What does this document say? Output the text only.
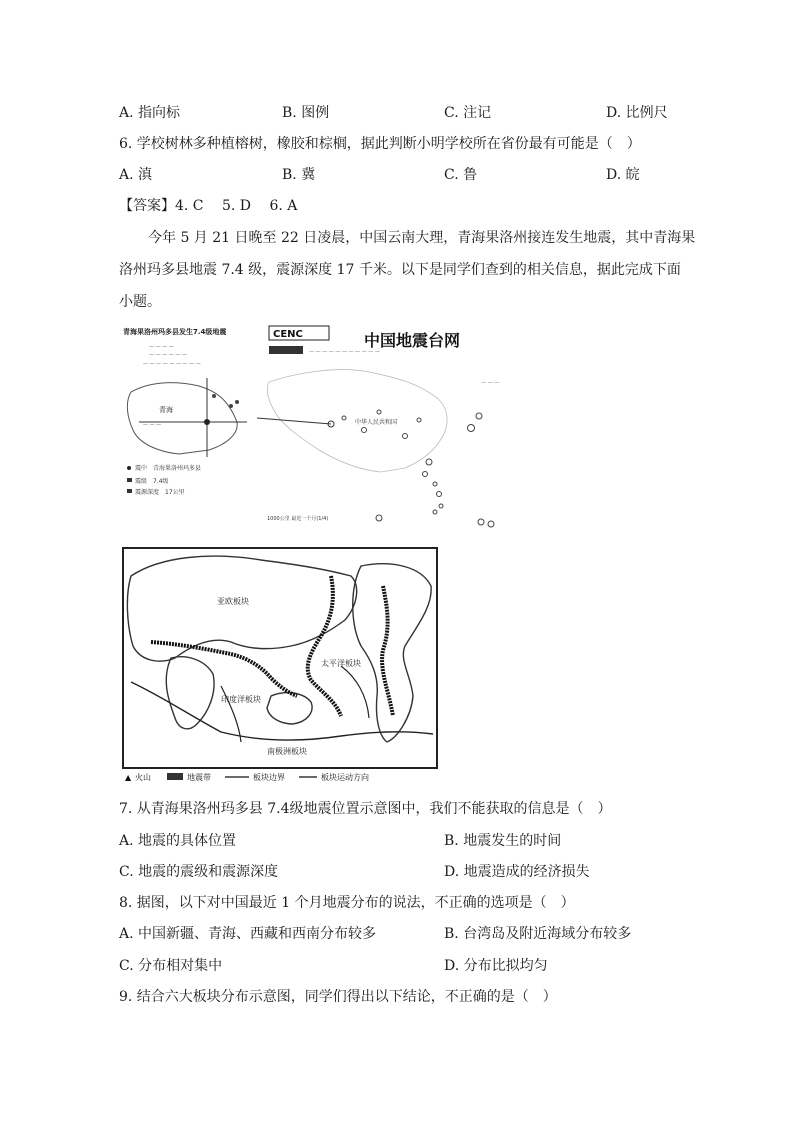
A. 指向标	B. 图例	C. 注记	D. 比例尺
6. 学校树林多种植榕树，橡胶和棕榈，据此判断小明学校所在省份最有可能是（　）
A. 滇	B. 冀	C. 鲁	D. 皖
【答案】4. C　 5. D　 6. A
今年 5 月 21 日晚至 22 日凌晨，中国云南大理，青海果洛州接连发生地震，其中青海果
洛州玛多县地震 7.4 级，震源深度 17 千米。以下是同学们查到的相关信息，据此完成下面
小题。
青海果洛州玛多县发生7.4级地震
— — — —
— — — — — —
— — — — — — — — —
青海
— — —
震中　青海果洛州玛多县
震级　7.4级
震源深度　17公里
CENC
— — — — — — — — — — —
中国地震台网
中华人民共和国
— — —
1000公里 最近一个月(1/4)
亚欧板块
太平洋板块
印度洋板块
南极洲板块
▲ 火山	地震带	板块边界	板块运动方向
7. 从青海果洛州玛多县 7.4级地震位置示意图中，我们不能获取的信息是（　）
A. 地震的具体位置	B. 地震发生的时间
C. 地震的震级和震源深度	D. 地震造成的经济损失
8. 据图，以下对中国最近 1 个月地震分布的说法，不正确的选项是（　）
A. 中国新疆、青海、西藏和西南分布较多	B. 台湾岛及附近海域分布较多
C. 分布相对集中	D. 分布比拟均匀
9. 结合六大板块分布示意图，同学们得出以下结论，不正确的是（　）
